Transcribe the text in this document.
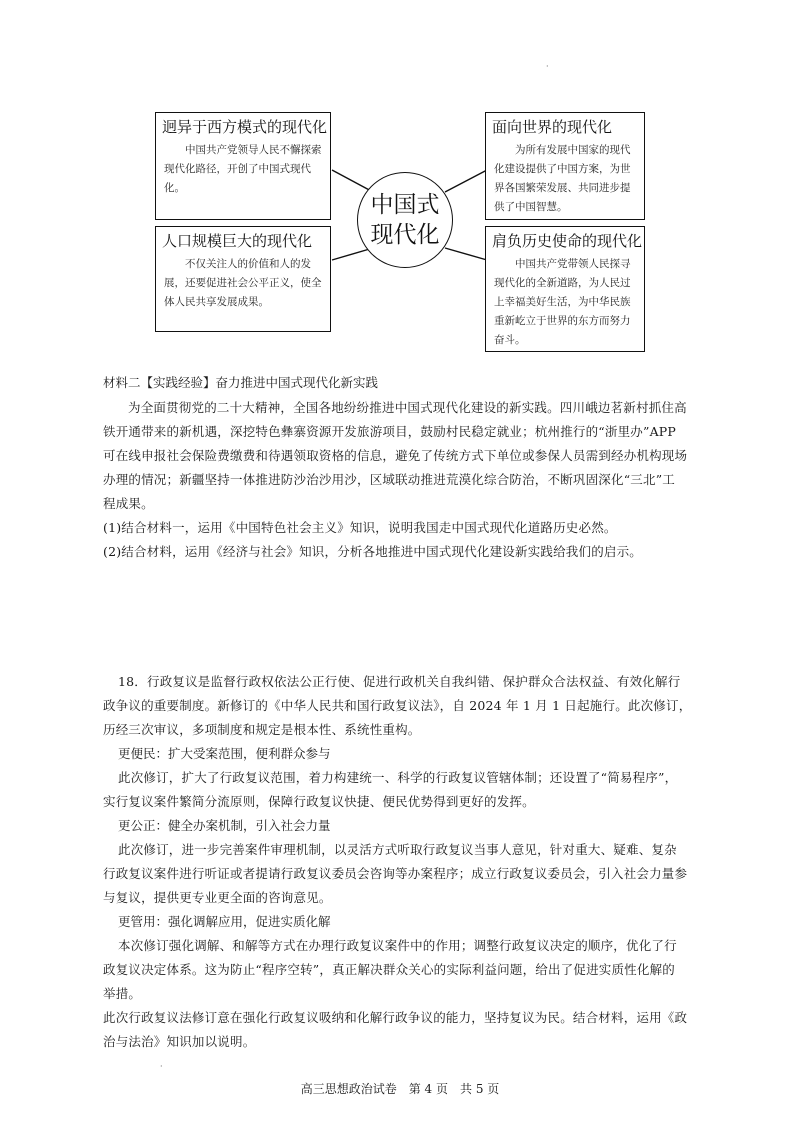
·
迥异于西方模式的现代化
中国共产党领导人民不懈探索现代化路径，开创了中国式现代化。
面向世界的现代化
为所有发展中国家的现代化建设提供了中国方案，为世界各国繁荣发展、共同进步提供了中国智慧。
人口规模巨大的现代化
不仅关注人的价值和人的发展，还要促进社会公平正义，使全体人民共享发展成果。
肩负历史使命的现代化
中国共产党带领人民探寻现代化的全新道路，为人民过上幸福美好生活，为中华民族重新屹立于世界的东方而努力奋斗。
中国式现代化
材料二【实践经验】奋力推进中国式现代化新实践
为全面贯彻党的二十大精神，全国各地纷纷推进中国式现代化建设的新实践。四川峨边茗新村抓住高
铁开通带来的新机遇，深挖特色彝寨资源开发旅游项目，鼓励村民稳定就业；杭州推行的“浙里办”APP
可在线申报社会保险费缴费和待遇领取资格的信息，避免了传统方式下单位或参保人员需到经办机构现场
办理的情况；新疆坚持一体推进防沙治沙用沙，区域联动推进荒漠化综合防治，不断巩固深化“三北”工
程成果。
(1)结合材料一，运用《中国特色社会主义》知识，说明我国走中国式现代化道路历史必然。
(2)结合材料，运用《经济与社会》知识，分析各地推进中国式现代化建设新实践给我们的启示。
18．行政复议是监督行政权依法公正行使、促进行政机关自我纠错、保护群众合法权益、有效化解行
政争议的重要制度。新修订的《中华人民共和国行政复议法》，自 2024 年 1 月 1 日起施行。此次修订，
历经三次审议，多项制度和规定是根本性、系统性重构。
更便民：扩大受案范围，便利群众参与
此次修订，扩大了行政复议范围，着力构建统一、科学的行政复议管辖体制；还设置了“简易程序”，
实行复议案件繁简分流原则，保障行政复议快捷、便民优势得到更好的发挥。
更公正：健全办案机制，引入社会力量
此次修订，进一步完善案件审理机制，以灵活方式听取行政复议当事人意见，针对重大、疑难、复杂
行政复议案件进行听证或者提请行政复议委员会咨询等办案程序；成立行政复议委员会，引入社会力量参
与复议，提供更专业更全面的咨询意见。
更管用：强化调解应用，促进实质化解
本次修订强化调解、和解等方式在办理行政复议案件中的作用；调整行政复议决定的顺序，优化了行
政复议决定体系。这为防止“程序空转”，真正解决群众关心的实际利益问题，给出了促进实质性化解的
举措。
此次行政复议法修订意在强化行政复议吸纳和化解行政争议的能力，坚持复议为民。结合材料，运用《政
治与法治》知识加以说明。
高三思想政治试卷　第 4 页　共 5 页
·
